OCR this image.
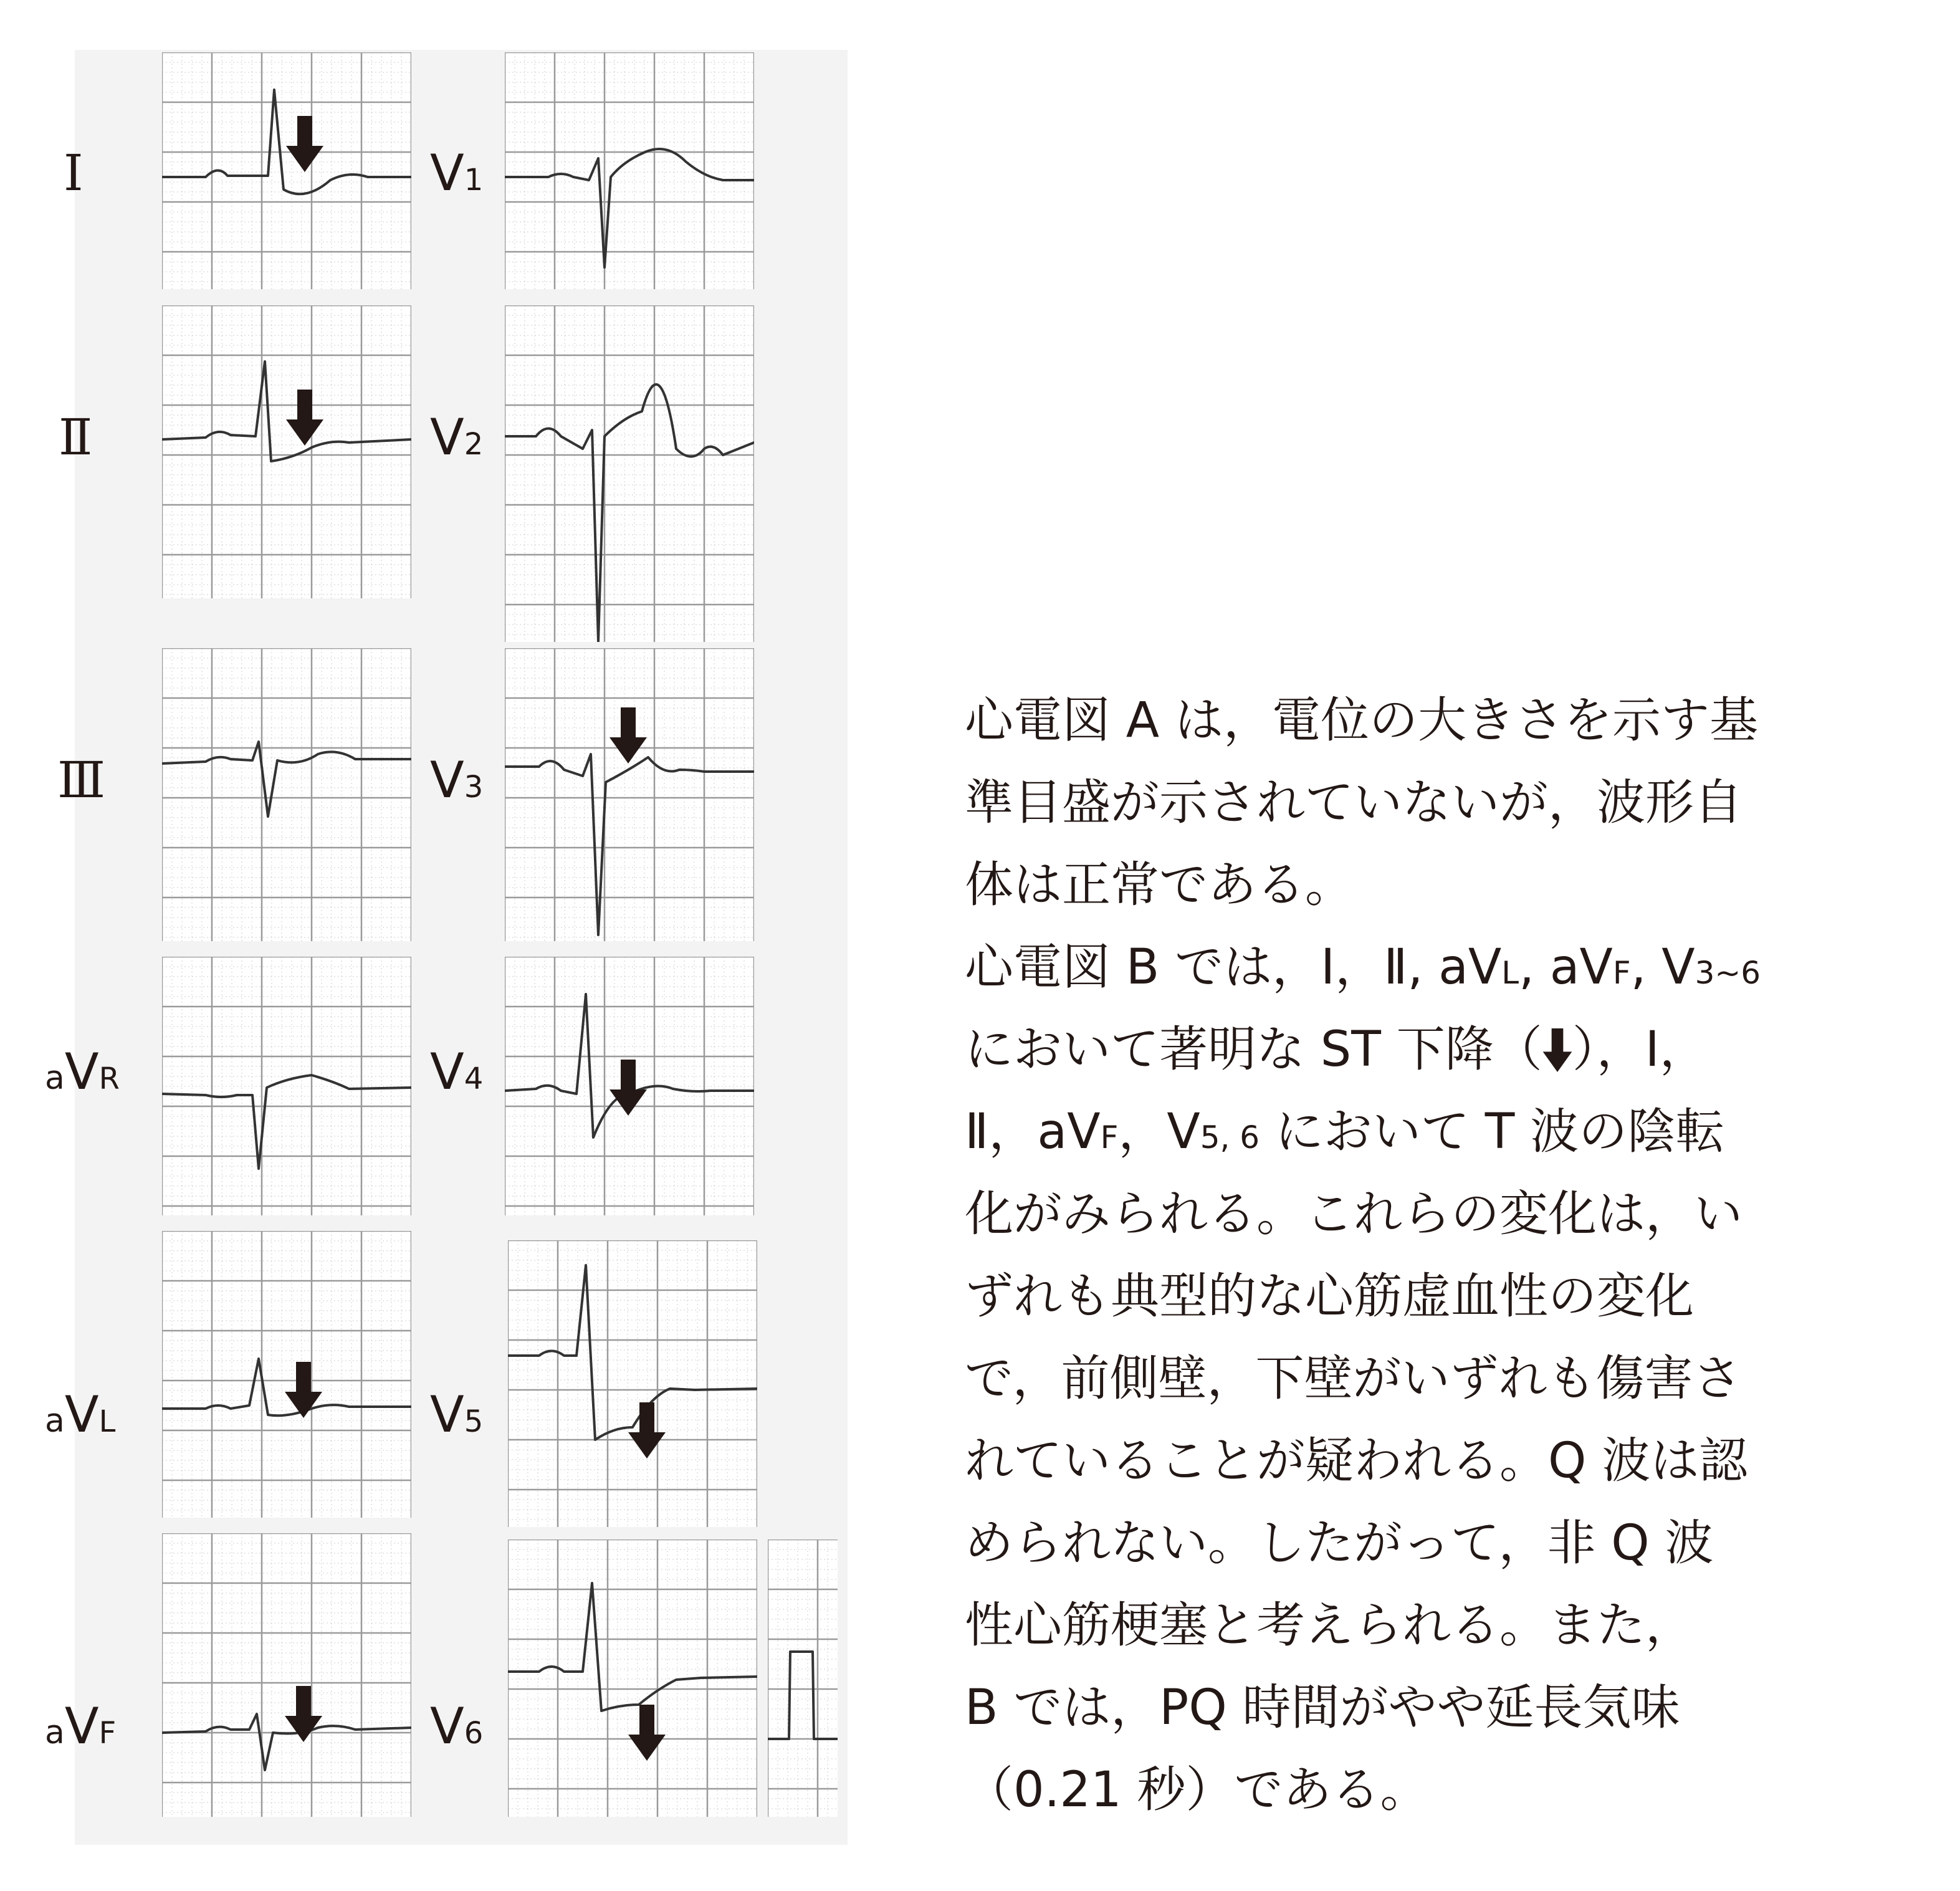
Ⅰ
Ⅱ
Ⅲ
aVR
aVL
aVF
V1
V2
V3
V4
V5
V6
心電図 A は，電位の大きさを示す基
準目盛が示されていないが，波形自
体は正常である。
心電図 B では，Ⅰ，Ⅱ, aVL, aVF, V3~6
において著明な ST 下降（ ），Ⅰ，
Ⅱ，aVF，V5, 6 において T 波の陰転
化がみられる。これらの変化は，い
ずれも典型的な心筋虚血性の変化
で，前側壁，下壁がいずれも傷害さ
れていることが疑われる。Q 波は認
められない。したがって，非 Q 波
性心筋梗塞と考えられる。また，
B では，PQ 時間がやや延長気味
（0.21 秒）である。
